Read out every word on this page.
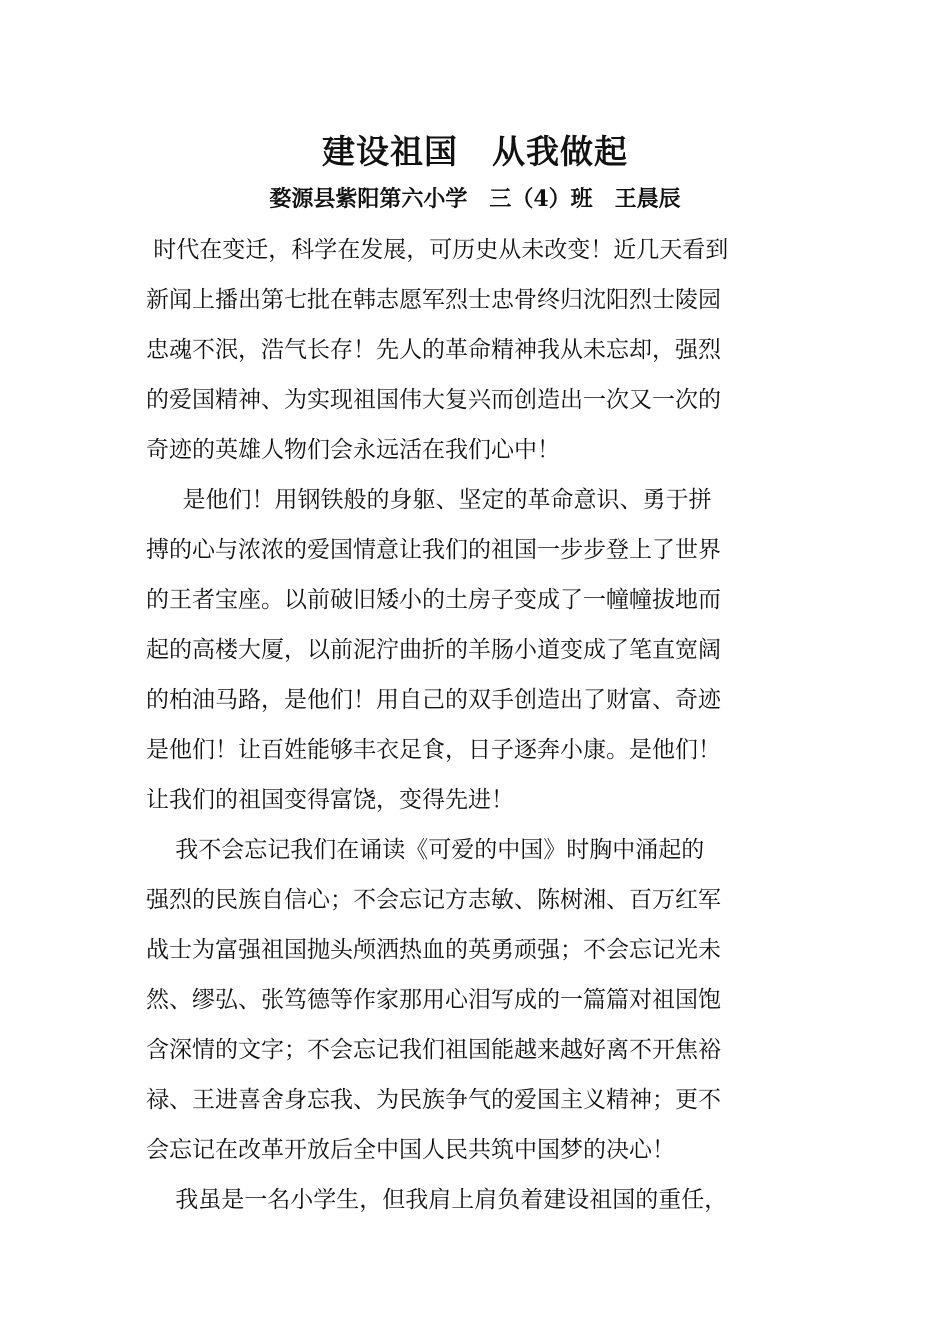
建设祖国　从我做起
婺源县紫阳第六小学　三（4）班　王晨辰
时代在变迁，科学在发展，可历史从未改变！近几天看到
新闻上播出第七批在韩志愿军烈士忠骨终归沈阳烈士陵园
忠魂不泯，浩气长存！先人的革命精神我从未忘却，强烈
的爱国精神、为实现祖国伟大复兴而创造出一次又一次的
奇迹的英雄人物们会永远活在我们心中！
是他们！用钢铁般的身躯、坚定的革命意识、勇于拼
搏的心与浓浓的爱国情意让我们的祖国一步步登上了世界
的王者宝座。以前破旧矮小的土房子变成了一幢幢拔地而
起的高楼大厦，以前泥泞曲折的羊肠小道变成了笔直宽阔
的柏油马路，是他们！用自己的双手创造出了财富、奇迹
是他们！让百姓能够丰衣足食，日子逐奔小康。是他们！
让我们的祖国变得富饶，变得先进！
我不会忘记我们在诵读《可爱的中国》时胸中涌起的
强烈的民族自信心；不会忘记方志敏、陈树湘、百万红军
战士为富强祖国抛头颅洒热血的英勇顽强；不会忘记光未
然、缪弘、张笃德等作家那用心泪写成的一篇篇对祖国饱
含深情的文字；不会忘记我们祖国能越来越好离不开焦裕
禄、王进喜舍身忘我、为民族争气的爱国主义精神；更不
会忘记在改革开放后全中国人民共筑中国梦的决心！
我虽是一名小学生，但我肩上肩负着建设祖国的重任，
